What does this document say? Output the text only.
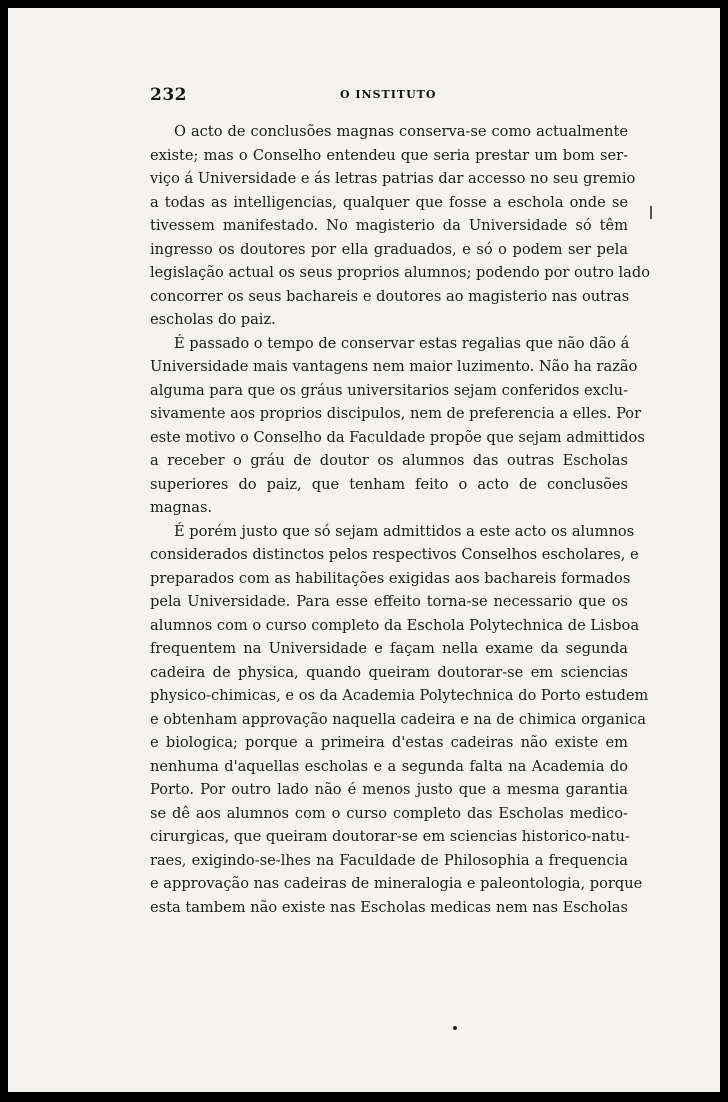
232	O INSTITUTO

O acto de conclusões magnas conserva-se como actualmente
existe; mas o Conselho entendeu que seria prestar um bom ser-
viço á Universidade e ás letras patrias dar accesso no seu gremio
a todas as intelligencias, qualquer que fosse a eschola onde se
tivessem manifestado. No magisterio da Universidade só têm
ingresso os doutores por ella graduados, e só o podem ser pela
legislação actual os seus proprios alumnos; podendo por outro lado
concorrer os seus bachareis e doutores ao magisterio nas outras
escholas do paiz.

É passado o tempo de conservar estas regalias que não dão á
Universidade mais vantagens nem maior luzimento. Não ha razão
alguma para que os gráus universitarios sejam conferidos exclu-
sivamente aos proprios discipulos, nem de preferencia a elles. Por
este motivo o Conselho da Faculdade propõe que sejam admittidos
a receber o gráu de doutor os alumnos das outras Escholas
superiores do paiz, que tenham feito o acto de conclusões
magnas.

É porém justo que só sejam admittidos a este acto os alumnos
considerados distinctos pelos respectivos Conselhos escholares, e
preparados com as habilitações exigidas aos bachareis formados
pela Universidade. Para esse effeito torna-se necessario que os
alumnos com o curso completo da Eschola Polytechnica de Lisboa
frequentem na Universidade e façam nella exame da segunda
cadeira de physica, quando queiram doutorar-se em sciencias
physico-chimicas, e os da Academia Polytechnica do Porto estudem
e obtenham approvação naquella cadeira e na de chimica organica
e biologica; porque a primeira d'estas cadeiras não existe em
nenhuma d'aquellas escholas e a segunda falta na Academia do
Porto. Por outro lado não é menos justo que a mesma garantia
se dê aos alumnos com o curso completo das Escholas medico-
cirurgicas, que queiram doutorar-se em sciencias historico-natu-
raes, exigindo-se-lhes na Faculdade de Philosophia a frequencia
e approvação nas cadeiras de mineralogia e paleontologia, porque
esta tambem não existe nas Escholas medicas nem nas Escholas
